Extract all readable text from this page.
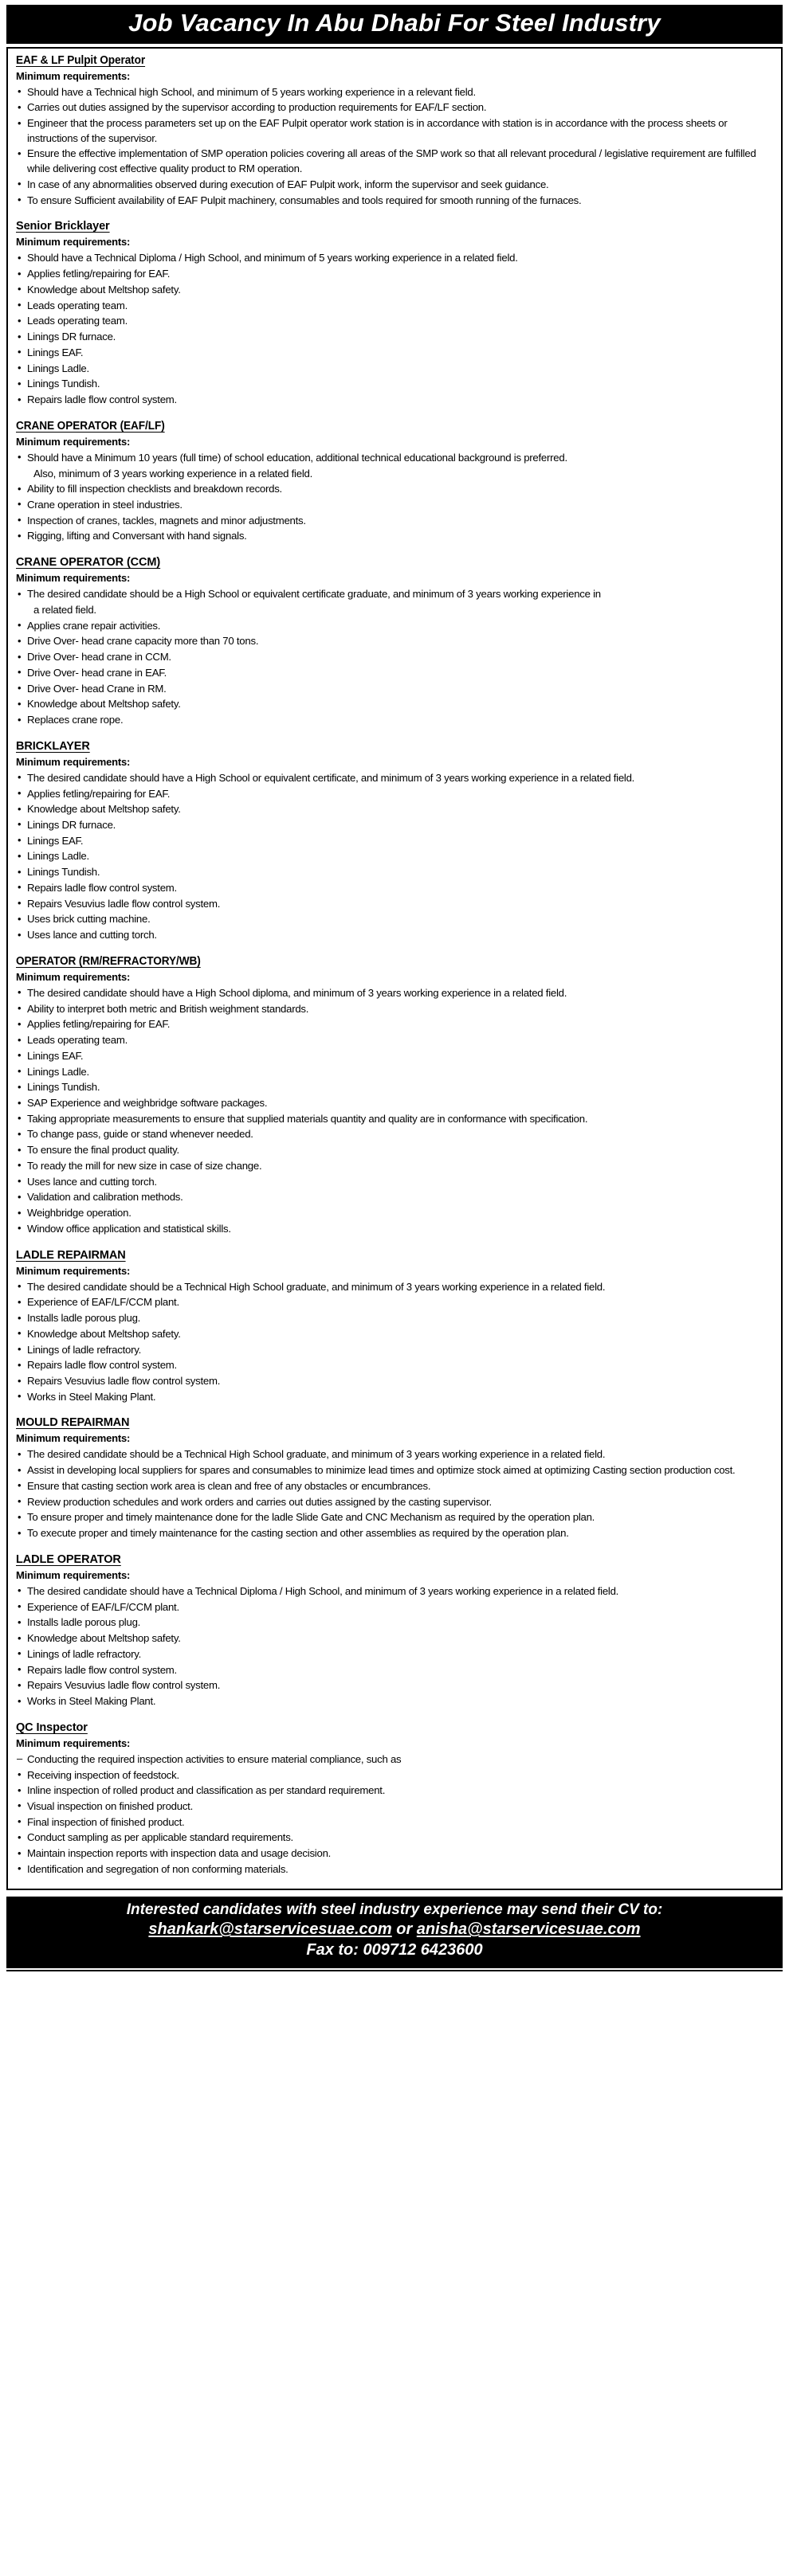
Job Vacancy In Abu Dhabi For Steel Industry
EAF & LF Pulpit Operator
Minimum requirements:
• Should have a Technical high School, and minimum of 5 years working experience in a relevant field.
• Carries out duties assigned by the supervisor according to production requirements for EAF/LF section.
• Engineer that the process parameters set up on the EAF Pulpit operator work station is in accordance with station is in accordance with the process sheets or instructions of the supervisor.
• Ensure the effective implementation of SMP operation policies covering all areas of the SMP work so that all relevant procedural / legislative requirement are fulfilled while delivering cost effective quality product to RM operation.
• In case of any abnormalities observed during execution of EAF Pulpit work, inform the supervisor and seek guidance.
• To ensure Sufficient availability of EAF Pulpit machinery, consumables and tools required for smooth running of the furnaces.
Senior Bricklayer
Minimum requirements:
• Should have a Technical Diploma / High School, and minimum of 5 years working experience in a related field.
• Applies fetling/repairing for EAF.
• Knowledge about Meltshop safety.
• Leads operating team.
• Leads operating team.
• Linings DR furnace.
• Linings EAF.
• Linings Ladle.
• Linings Tundish.
• Repairs ladle flow control system.
CRANE OPERATOR (EAF/LF)
Minimum requirements:
• Should have a Minimum 10 years (full time) of school education, additional technical educational background is preferred.
Also, minimum of 3 years working experience in a related field.
• Ability to fill inspection checklists and breakdown records.
• Crane operation in steel industries.
• Inspection of cranes, tackles, magnets and minor adjustments.
• Rigging, lifting and Conversant with hand signals.
CRANE OPERATOR (CCM)
Minimum requirements:
• The desired candidate should be a High School or equivalent certificate graduate, and minimum of 3 years working experience in
a related field.
• Applies crane repair activities.
• Drive Over- head crane capacity more than 70 tons.
• Drive Over- head crane in CCM.
• Drive Over- head crane in EAF.
• Drive Over- head Crane in RM.
• Knowledge about Meltshop safety.
• Replaces crane rope.
BRICKLAYER
Minimum requirements:
• The desired candidate should have a High School or equivalent certificate, and minimum of 3 years working experience in a related field.
• Applies fetling/repairing for EAF.
• Knowledge about Meltshop safety.
• Linings DR furnace.
• Linings EAF.
• Linings Ladle.
• Linings Tundish.
• Repairs ladle flow control system.
• Repairs Vesuvius ladle flow control system.
• Uses brick cutting machine.
• Uses lance and cutting torch.
OPERATOR (RM/REFRACTORY/WB)
Minimum requirements:
• The desired candidate should have a High School diploma, and minimum of 3 years working experience in a related field.
• Ability to interpret both metric and British weighment standards.
• Applies fetling/repairing for EAF.
• Leads operating team.
• Linings EAF.
• Linings Ladle.
• Linings Tundish.
• SAP Experience and weighbridge software packages.
• Taking appropriate measurements to ensure that supplied materials quantity and quality are in conformance with specification.
• To change pass, guide or stand whenever needed.
• To ensure the final product quality.
• To ready the mill for new size in case of size change.
• Uses lance and cutting torch.
• Validation and calibration methods.
• Weighbridge operation.
• Window office application and statistical skills.
LADLE REPAIRMAN
Minimum requirements:
• The desired candidate should be a Technical High School graduate, and minimum of 3 years working experience in a related field.
• Experience of EAF/LF/CCM plant.
• Installs ladle porous plug.
• Knowledge about Meltshop safety.
• Linings of ladle refractory.
• Repairs ladle flow control system.
• Repairs Vesuvius ladle flow control system.
• Works in Steel Making Plant.
MOULD REPAIRMAN
Minimum requirements:
• The desired candidate should be a Technical High School graduate, and minimum of 3 years working experience in a related field.
• Assist in developing local suppliers for spares and consumables to minimize lead times and optimize stock aimed at optimizing Casting section production cost.
• Ensure that casting section work area is clean and free of any obstacles or encumbrances.
• Review production schedules and work orders and carries out duties assigned by the casting supervisor.
• To ensure proper and timely maintenance done for the ladle Slide Gate and CNC Mechanism as required by the operation plan.
• To execute proper and timely maintenance for the casting section and other assemblies as required by the operation plan.
LADLE OPERATOR
Minimum requirements:
• The desired candidate should have a Technical Diploma / High School, and minimum of 3 years working experience in a related field.
• Experience of EAF/LF/CCM plant.
• Installs ladle porous plug.
• Knowledge about Meltshop safety.
• Linings of ladle refractory.
• Repairs ladle flow control system.
• Repairs Vesuvius ladle flow control system.
• Works in Steel Making Plant.
QC Inspector
Minimum requirements:
– Conducting the required inspection activities to ensure material compliance, such as
• Receiving inspection of feedstock.
• Inline inspection of rolled product and classification as per standard requirement.
• Visual inspection on finished product.
• Final inspection of finished product.
• Conduct sampling as per applicable standard requirements.
• Maintain inspection reports with inspection data and usage decision.
• Identification and segregation of non conforming materials.
Interested candidates with steel industry experience may send their CV to:
shankark@starservicesuae.com or anisha@starservicesuae.com
Fax to: 009712 6423600
